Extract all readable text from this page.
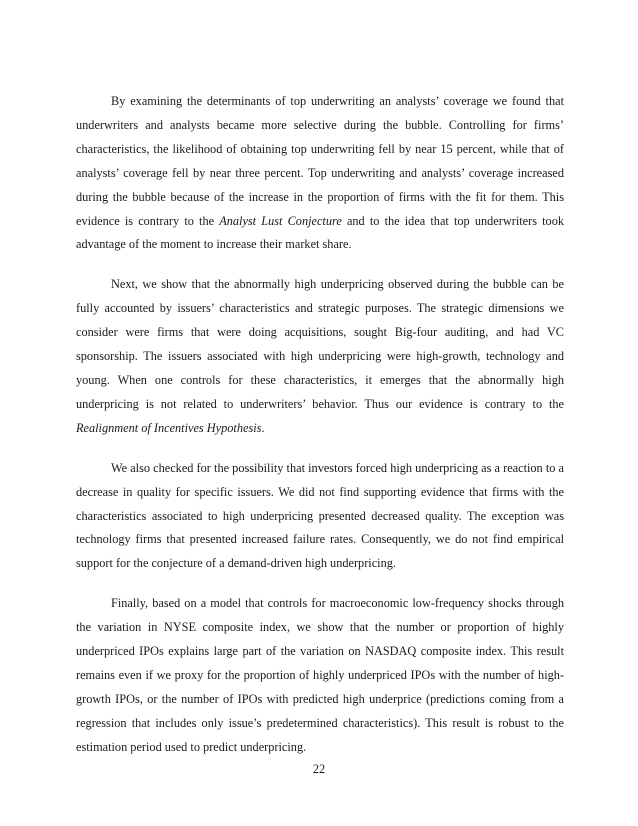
By examining the determinants of top underwriting an analysts’ coverage we found that underwriters and analysts became more selective during the bubble. Controlling for firms’ characteristics, the likelihood of obtaining top underwriting fell by near 15 percent, while that of analysts’ coverage fell by near three percent. Top underwriting and analysts’ coverage increased during the bubble because of the increase in the proportion of firms with the fit for them. This evidence is contrary to the Analyst Lust Conjecture and to the idea that top underwriters took advantage of the moment to increase their market share.

Next, we show that the abnormally high underpricing observed during the bubble can be fully accounted by issuers’ characteristics and strategic purposes. The strategic dimensions we consider were firms that were doing acquisitions, sought Big-four auditing, and had VC sponsorship. The issuers associated with high underpricing were high-growth, technology and young. When one controls for these characteristics, it emerges that the abnormally high underpricing is not related to underwriters’ behavior. Thus our evidence is contrary to the Realignment of Incentives Hypothesis.

We also checked for the possibility that investors forced high underpricing as a reaction to a decrease in quality for specific issuers. We did not find supporting evidence that firms with the characteristics associated to high underpricing presented decreased quality. The exception was technology firms that presented increased failure rates. Consequently, we do not find empirical support for the conjecture of a demand-driven high underpricing.

Finally, based on a model that controls for macroeconomic low-frequency shocks through the variation in NYSE composite index, we show that the number or proportion of highly underpriced IPOs explains large part of the variation on NASDAQ composite index. This result remains even if we proxy for the proportion of highly underpriced IPOs with the number of high-growth IPOs, or the number of IPOs with predicted high underprice (predictions coming from a regression that includes only issue’s predetermined characteristics). This result is robust to the estimation period used to predict underpricing.

22
